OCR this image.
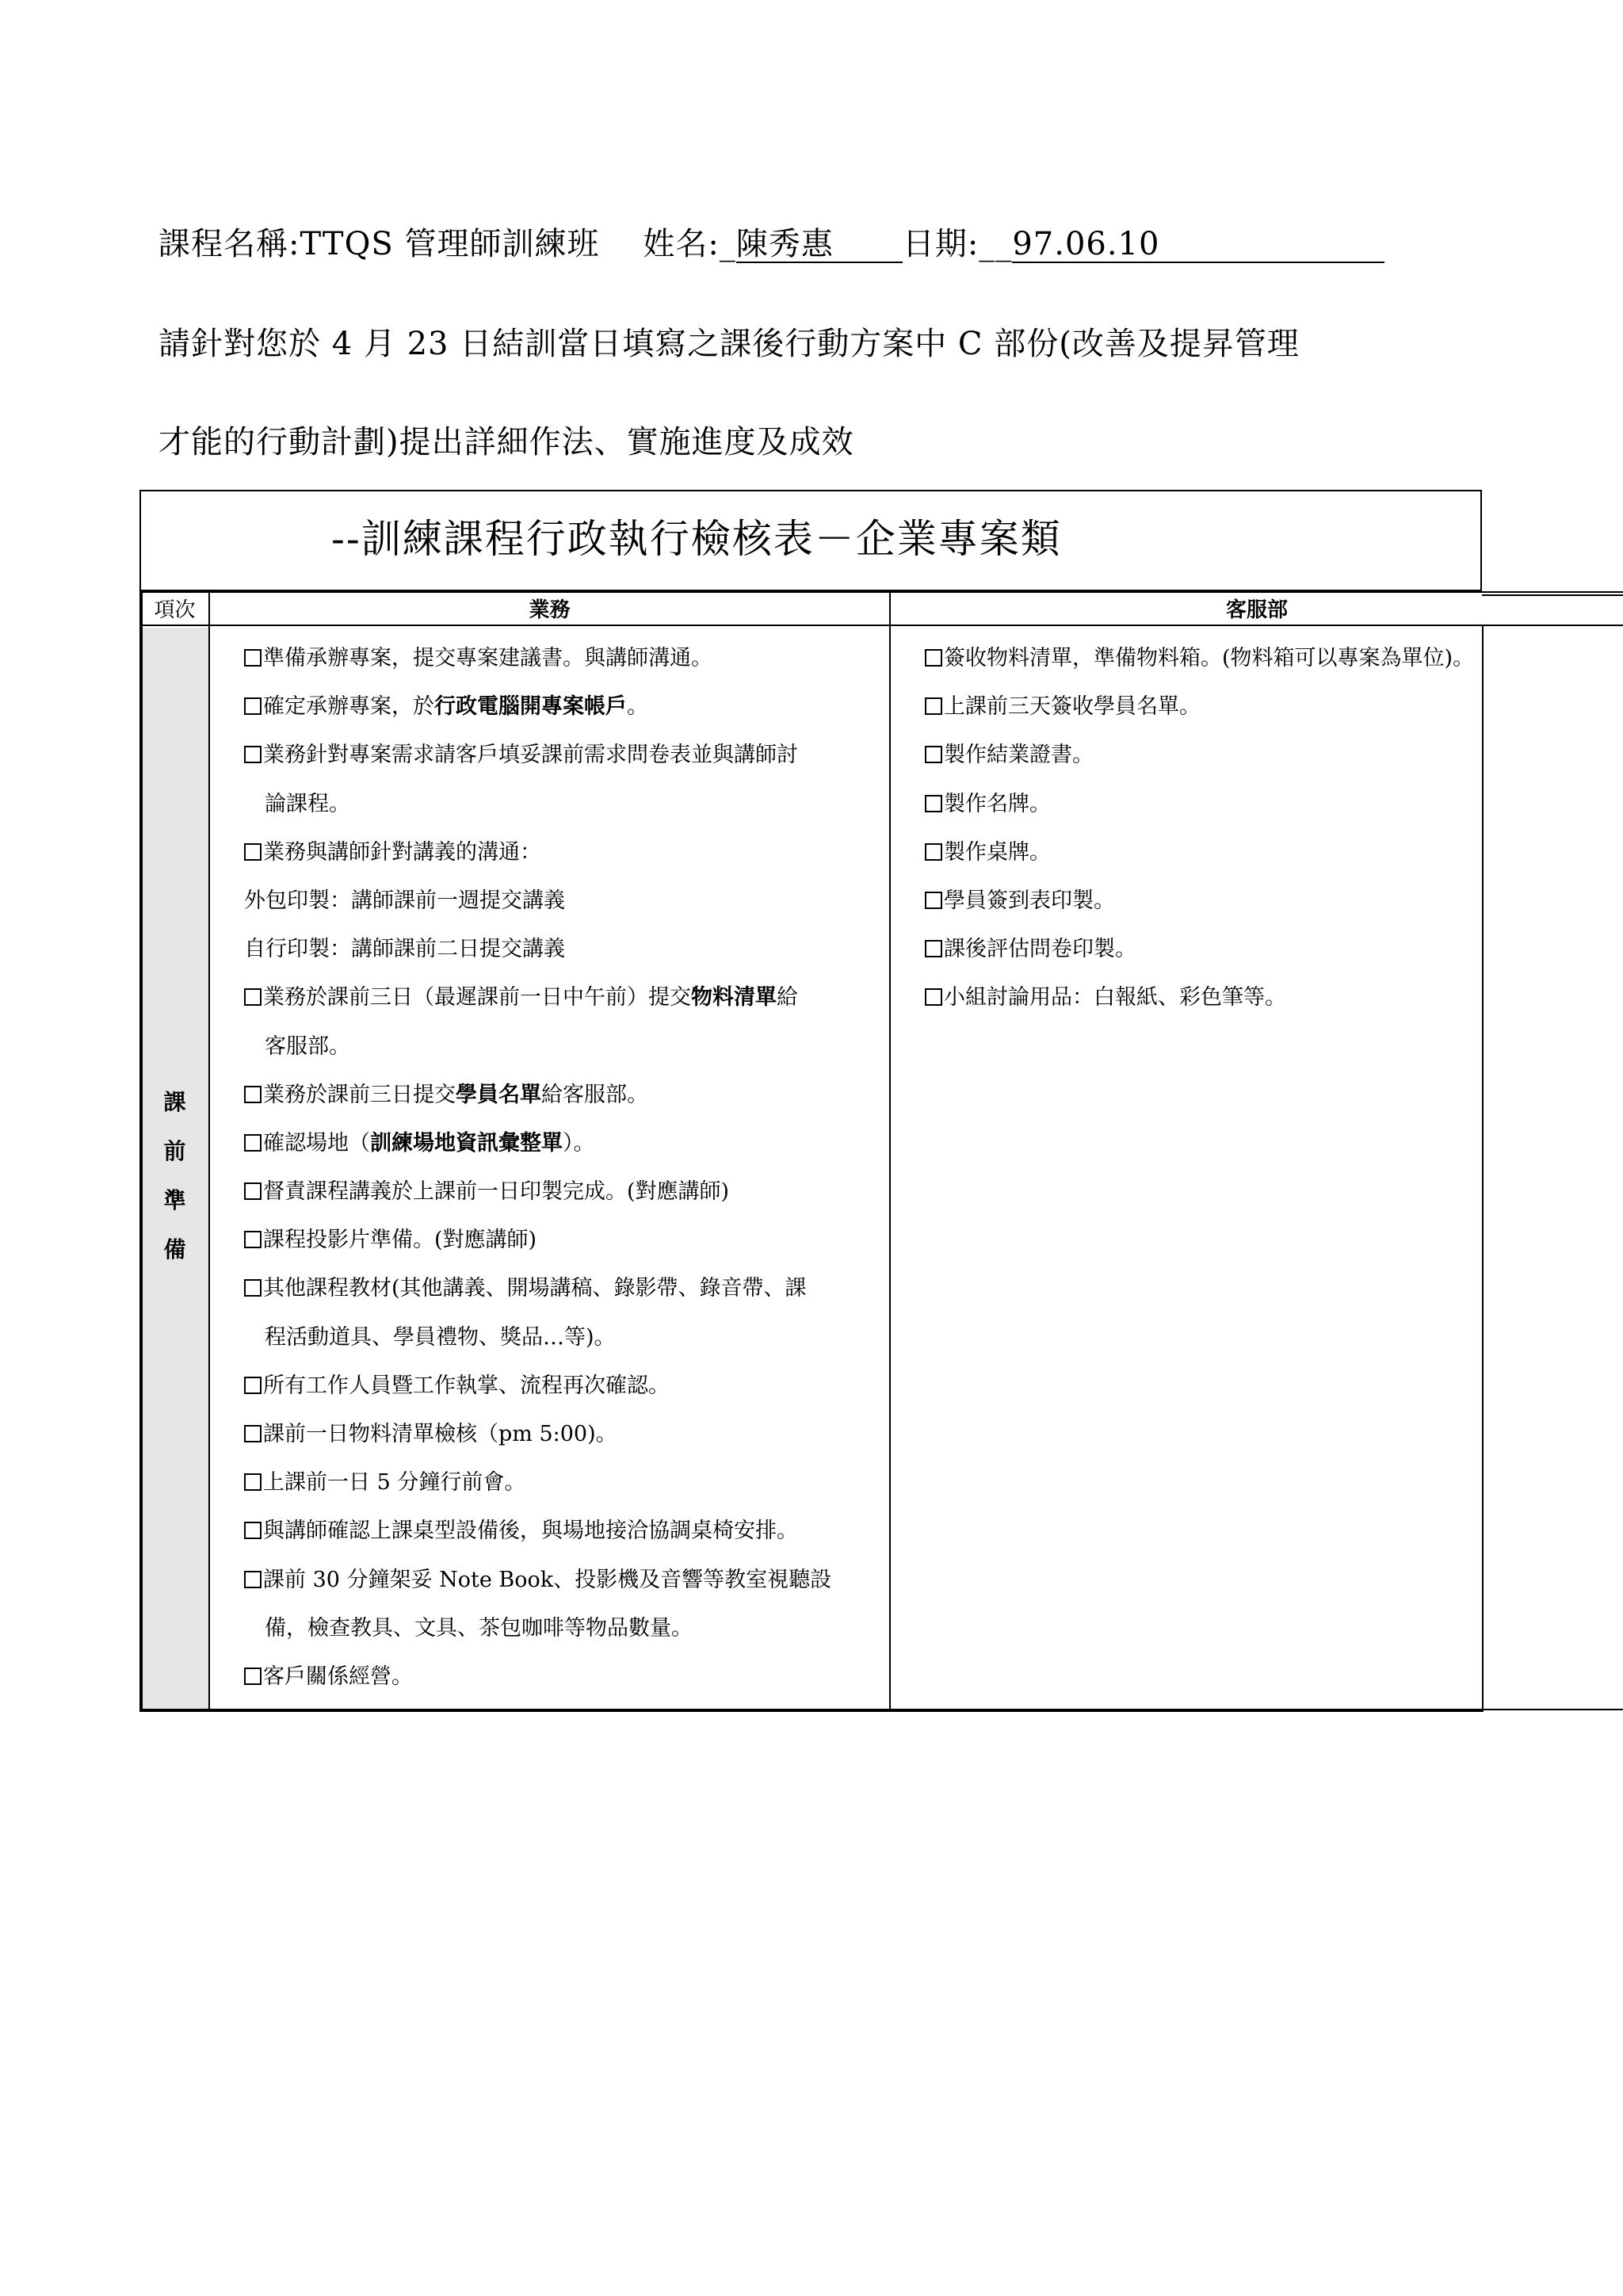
課程名稱:TTQS 管理師訓練班 姓名:_陳秀惠 日期:__97.06.10
請針對您於 4 月 23 日結訓當日填寫之課後行動方案中 C 部份(改善及提昇管理
才能的行動計劃)提出詳細作法、實施進度及成效
--訓練課程行政執行檢核表－企業專案類
項次	業務	客服部
課
前
準
備
準備承辦專案，提交專案建議書。與講師溝通。
確定承辦專案，於行政電腦開專案帳戶。
業務針對專案需求請客戶填妥課前需求問卷表並與講師討
論課程。
業務與講師針對講義的溝通：
外包印製：講師課前一週提交講義
自行印製：講師課前二日提交講義
業務於課前三日（最遲課前一日中午前）提交物料清單給
客服部。
業務於課前三日提交學員名單給客服部。
確認場地（訓練場地資訊彙整單）。
督責課程講義於上課前一日印製完成。(對應講師)
課程投影片準備。(對應講師)
其他課程教材(其他講義、開場講稿、錄影帶、錄音帶、課
程活動道具、學員禮物、獎品…等)。
所有工作人員暨工作執掌、流程再次確認。
課前一日物料清單檢核（pm 5:00)。
上課前一日 5 分鐘行前會。
與講師確認上課桌型設備後，與場地接洽協調桌椅安排。
課前 30 分鐘架妥 Note Book、投影機及音響等教室視聽設
備，檢查教具、文具、茶包咖啡等物品數量。
客戶關係經營。
簽收物料清單，準備物料箱。(物料箱可以專案為單位)。
上課前三天簽收學員名單。
製作結業證書。
製作名牌。
製作桌牌。
學員簽到表印製。
課後評估問卷印製。
小組討論用品：白報紙、彩色筆等。
